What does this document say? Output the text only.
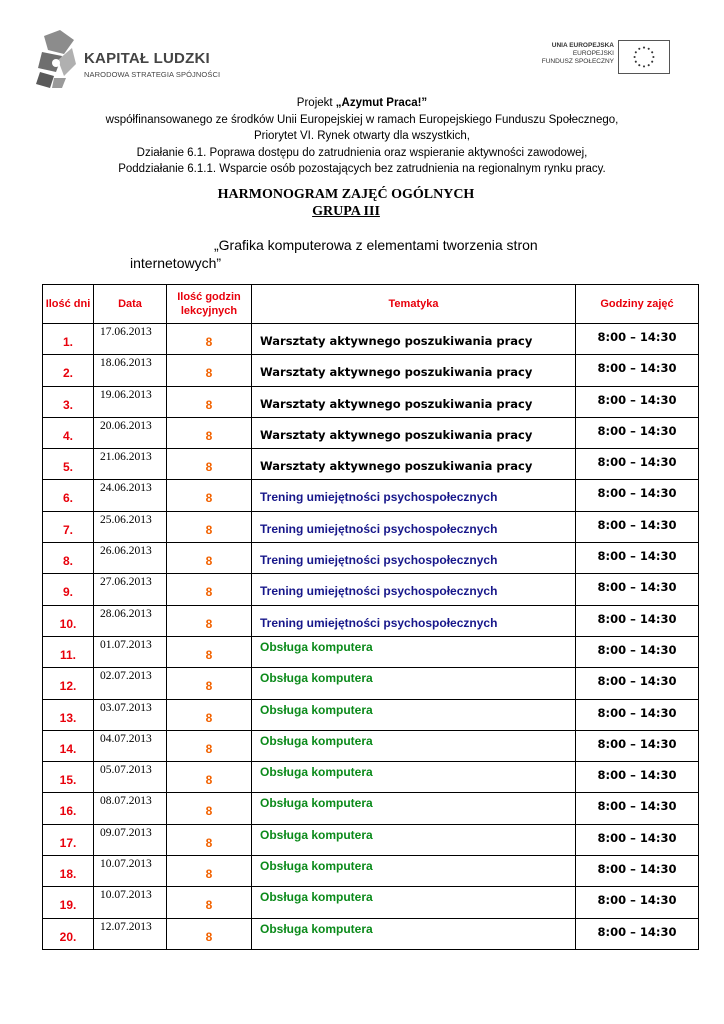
KAPITAŁ LUDZKI
NARODOWA STRATEGIA SPÓJNOŚCI
UNIA EUROPEJSKA
EUROPEJSKI
FUNDUSZ SPOŁECZNY

Projekt „Azymut Praca!”

współfinansowanego ze środków Unii Europejskiej w ramach Europejskiego Funduszu Społecznego,

Priorytet VI. Rynek otwarty dla wszystkich,

Działanie 6.1. Poprawa dostępu do zatrudnienia oraz wspieranie aktywności zawodowej,

Poddziałanie 6.1.1. Wsparcie osób pozostających bez zatrudnienia na regionalnym rynku pracy.

HARMONOGRAM ZAJĘĆ OGÓLNYCH
GRUPA III
„Grafika komputerowa z elementami tworzenia stron
internetowych”
Ilość dni	Data	Ilość godzin lekcyjnych	Tematyka	Godziny zajęć

1.	17.06.2013	8	Warsztaty aktywnego poszukiwania pracy	8:00 – 14:30

2.	18.06.2013	8	Warsztaty aktywnego poszukiwania pracy	8:00 – 14:30

3.	19.06.2013	8	Warsztaty aktywnego poszukiwania pracy	8:00 – 14:30

4.	20.06.2013	8	Warsztaty aktywnego poszukiwania pracy	8:00 – 14:30

5.	21.06.2013	8	Warsztaty aktywnego poszukiwania pracy	8:00 – 14:30

6.	24.06.2013	8	Trening umiejętności psychospołecznych	8:00 – 14:30

7.	25.06.2013	8	Trening umiejętności psychospołecznych	8:00 – 14:30

8.	26.06.2013	8	Trening umiejętności psychospołecznych	8:00 – 14:30

9.	27.06.2013	8	Trening umiejętności psychospołecznych	8:00 – 14:30

10.	28.06.2013	8	Trening umiejętności psychospołecznych	8:00 – 14:30

11.	01.07.2013	8	Obsługa komputera	8:00 – 14:30

12.	02.07.2013	8	Obsługa komputera	8:00 – 14:30

13.	03.07.2013	8	Obsługa komputera	8:00 – 14:30

14.	04.07.2013	8	Obsługa komputera	8:00 – 14:30

15.	05.07.2013	8	Obsługa komputera	8:00 – 14:30

16.	08.07.2013	8	Obsługa komputera	8:00 – 14:30

17.	09.07.2013	8	Obsługa komputera	8:00 – 14:30

18.	10.07.2013	8	Obsługa komputera	8:00 – 14:30

19.	10.07.2013	8	Obsługa komputera	8:00 – 14:30

20.	12.07.2013	8	Obsługa komputera	8:00 – 14:30
